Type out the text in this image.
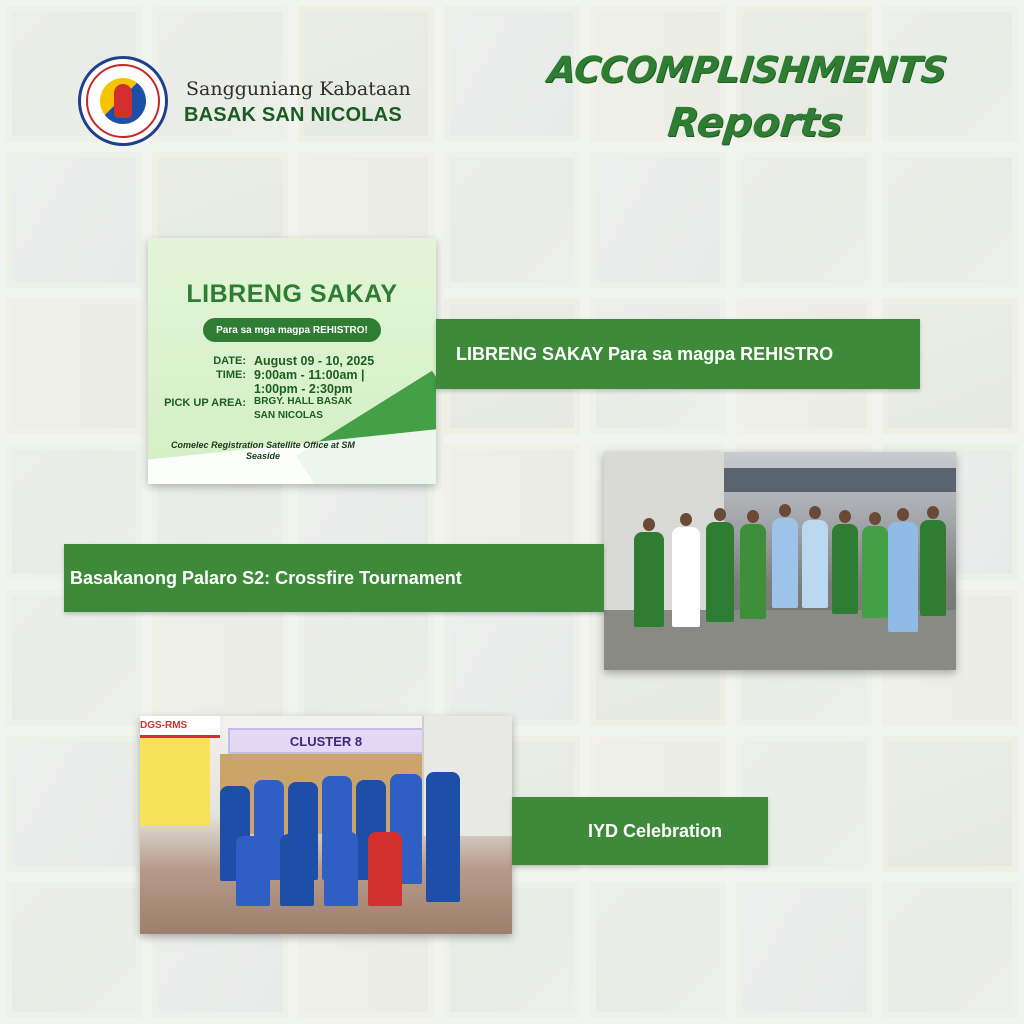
Sangguniang Kabataan
BASAK SAN NICOLAS
ACCOMPLISHMENTS
Reports
LIBRENG SAKAY
Para sa mga magpa REHISTRO!
DATE: August 09 - 10, 2025
TIME: 9:00am - 11:00am |
1:00pm - 2:30pm
PICK UP AREA: BRGY. HALL BASAK
SAN NICOLAS
Comelec Registration Satellite Office at SM Seaside
LIBRENG SAKAY Para sa magpa REHISTRO
Basakanong Palaro S2: Crossfire Tournament
DGS-RMS
CLUSTER 8
IYD Celebration
